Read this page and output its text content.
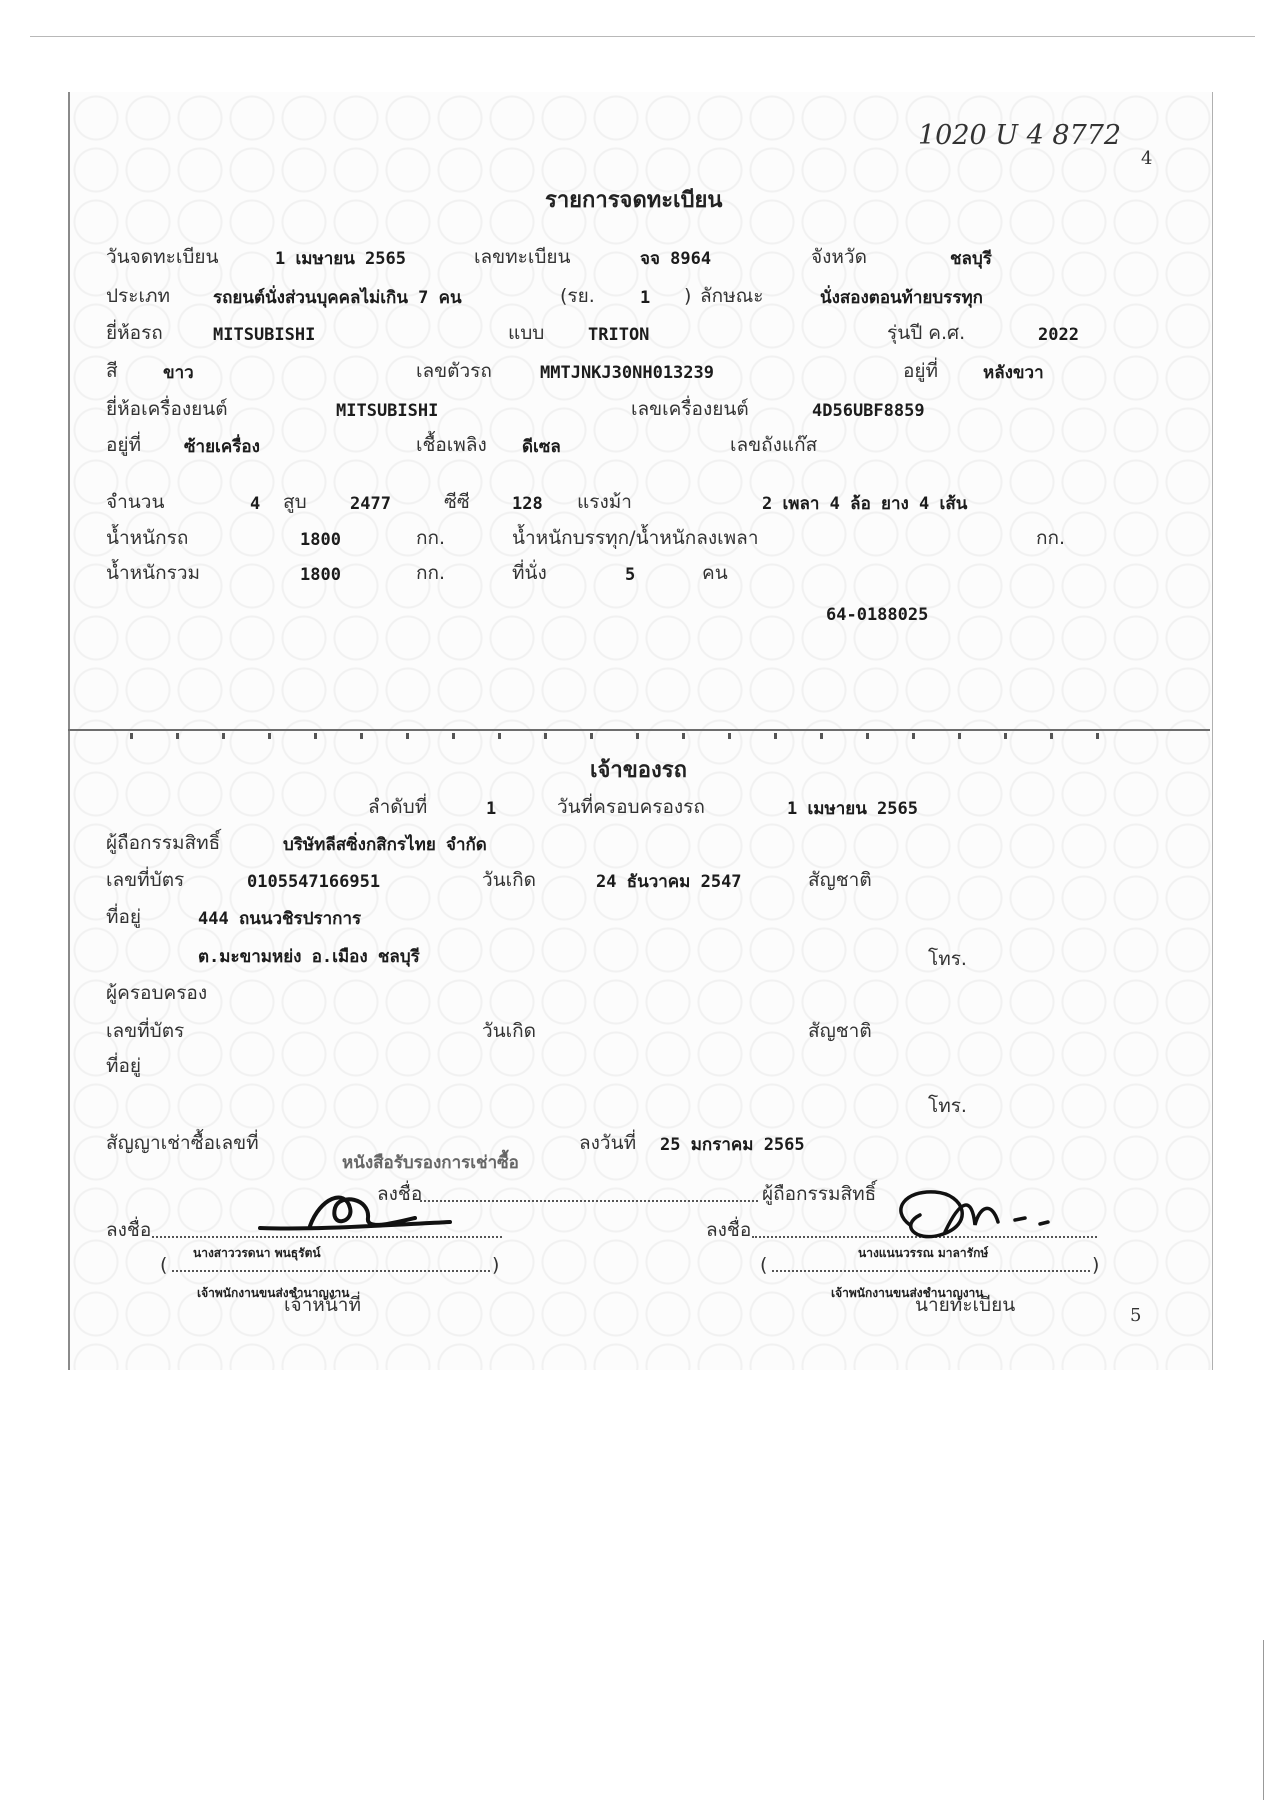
1020 U 4 8772
4
รายการจดทะเบียน
วันจดทะเบียน	1 เมษายน 2565	เลขทะเบียน	จจ 8964	จังหวัด	ชลบุรี
ประเภท	รถยนต์นั่งส่วนบุคคลไม่เกิน 7 คน	(รย.	1 ) ลักษณะ	นั่งสองตอนท้ายบรรทุก
ยี่ห้อรถ	MITSUBISHI	แบบ	TRITON	รุ่นปี ค.ศ.	2022
สี	ขาว	เลขตัวรถ	MMTJNKJ30NH013239	อยู่ที่	หลังขวา
ยี่ห้อเครื่องยนต์	MITSUBISHI	เลขเครื่องยนต์	4D56UBF8859
อยู่ที่	ซ้ายเครื่อง	เชื้อเพลิง ดีเซล	เลขถังแก๊ส
จำนวน	4 สูบ	2477	ซีซี 128 แรงม้า	2 เพลา 4 ล้อ ยาง 4 เส้น
น้ำหนักรถ	1800	กก.	น้ำหนักบรรทุก/น้ำหนักลงเพลา	กก.
น้ำหนักรวม	1800	กก.	ที่นั่ง	5	คน
64-0188025
เจ้าของรถ
ลำดับที่	1	วันที่ครอบครองรถ	1 เมษายน 2565
ผู้ถือกรรมสิทธิ์	บริษัทลีสซิ่งกสิกรไทย จำกัด
เลขที่บัตร	0105547166951	วันเกิด	24 ธันวาคม 2547	สัญชาติ
ที่อยู่	444 ถนนวชิรปราการ
ต.มะขามหย่ง อ.เมือง ชลบุรี	โทร.
ผู้ครอบครอง
เลขที่บัตร	วันเกิด	สัญชาติ
ที่อยู่
โทร.
สัญญาเช่าซื้อเลขที่	ลงวันที่ 25 มกราคม 2565
หนังสือรับรองการเช่าซื้อ
ลงชื่อ	ผู้ถือกรรมสิทธิ์
ลงชื่อ	ลงชื่อ
นางสาววรดนา พนธุรัตน์	นางแนนวรรณ มาลารักษ์
(	)	(	)
เจ้าพนักงานขนส่งชำนาญงาน	เจ้าพนักงานขนส่งชำนาญงาน
เจ้าหน้าที่	นายทะเบียน	5
